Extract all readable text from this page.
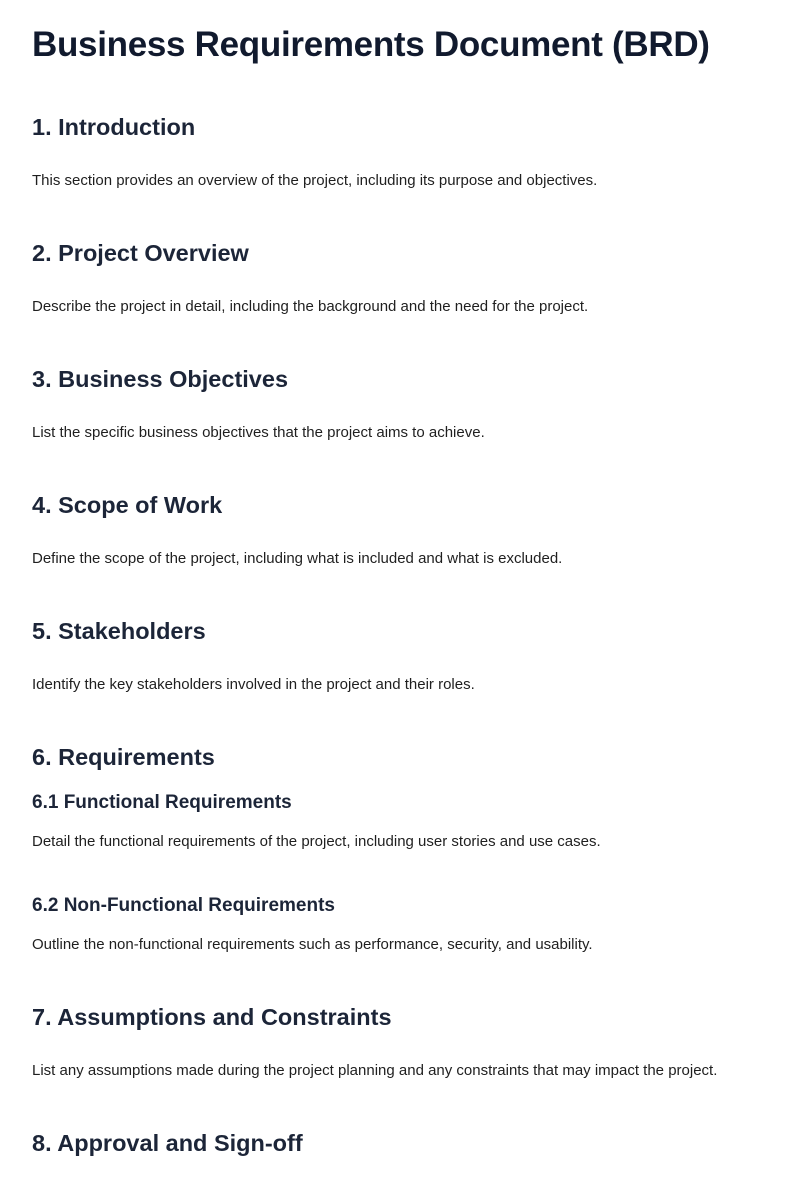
Business Requirements Document (BRD)
1. Introduction

This section provides an overview of the project, including its purpose and objectives.

2. Project Overview

Describe the project in detail, including the background and the need for the project.

3. Business Objectives

List the specific business objectives that the project aims to achieve.

4. Scope of Work

Define the scope of the project, including what is included and what is excluded.

5. Stakeholders

Identify the key stakeholders involved in the project and their roles.

6. Requirements
6.1 Functional Requirements

Detail the functional requirements of the project, including user stories and use cases.

6.2 Non-Functional Requirements

Outline the non-functional requirements such as performance, security, and usability.

7. Assumptions and Constraints

List any assumptions made during the project planning and any constraints that may impact the project.

8. Approval and Sign-off
